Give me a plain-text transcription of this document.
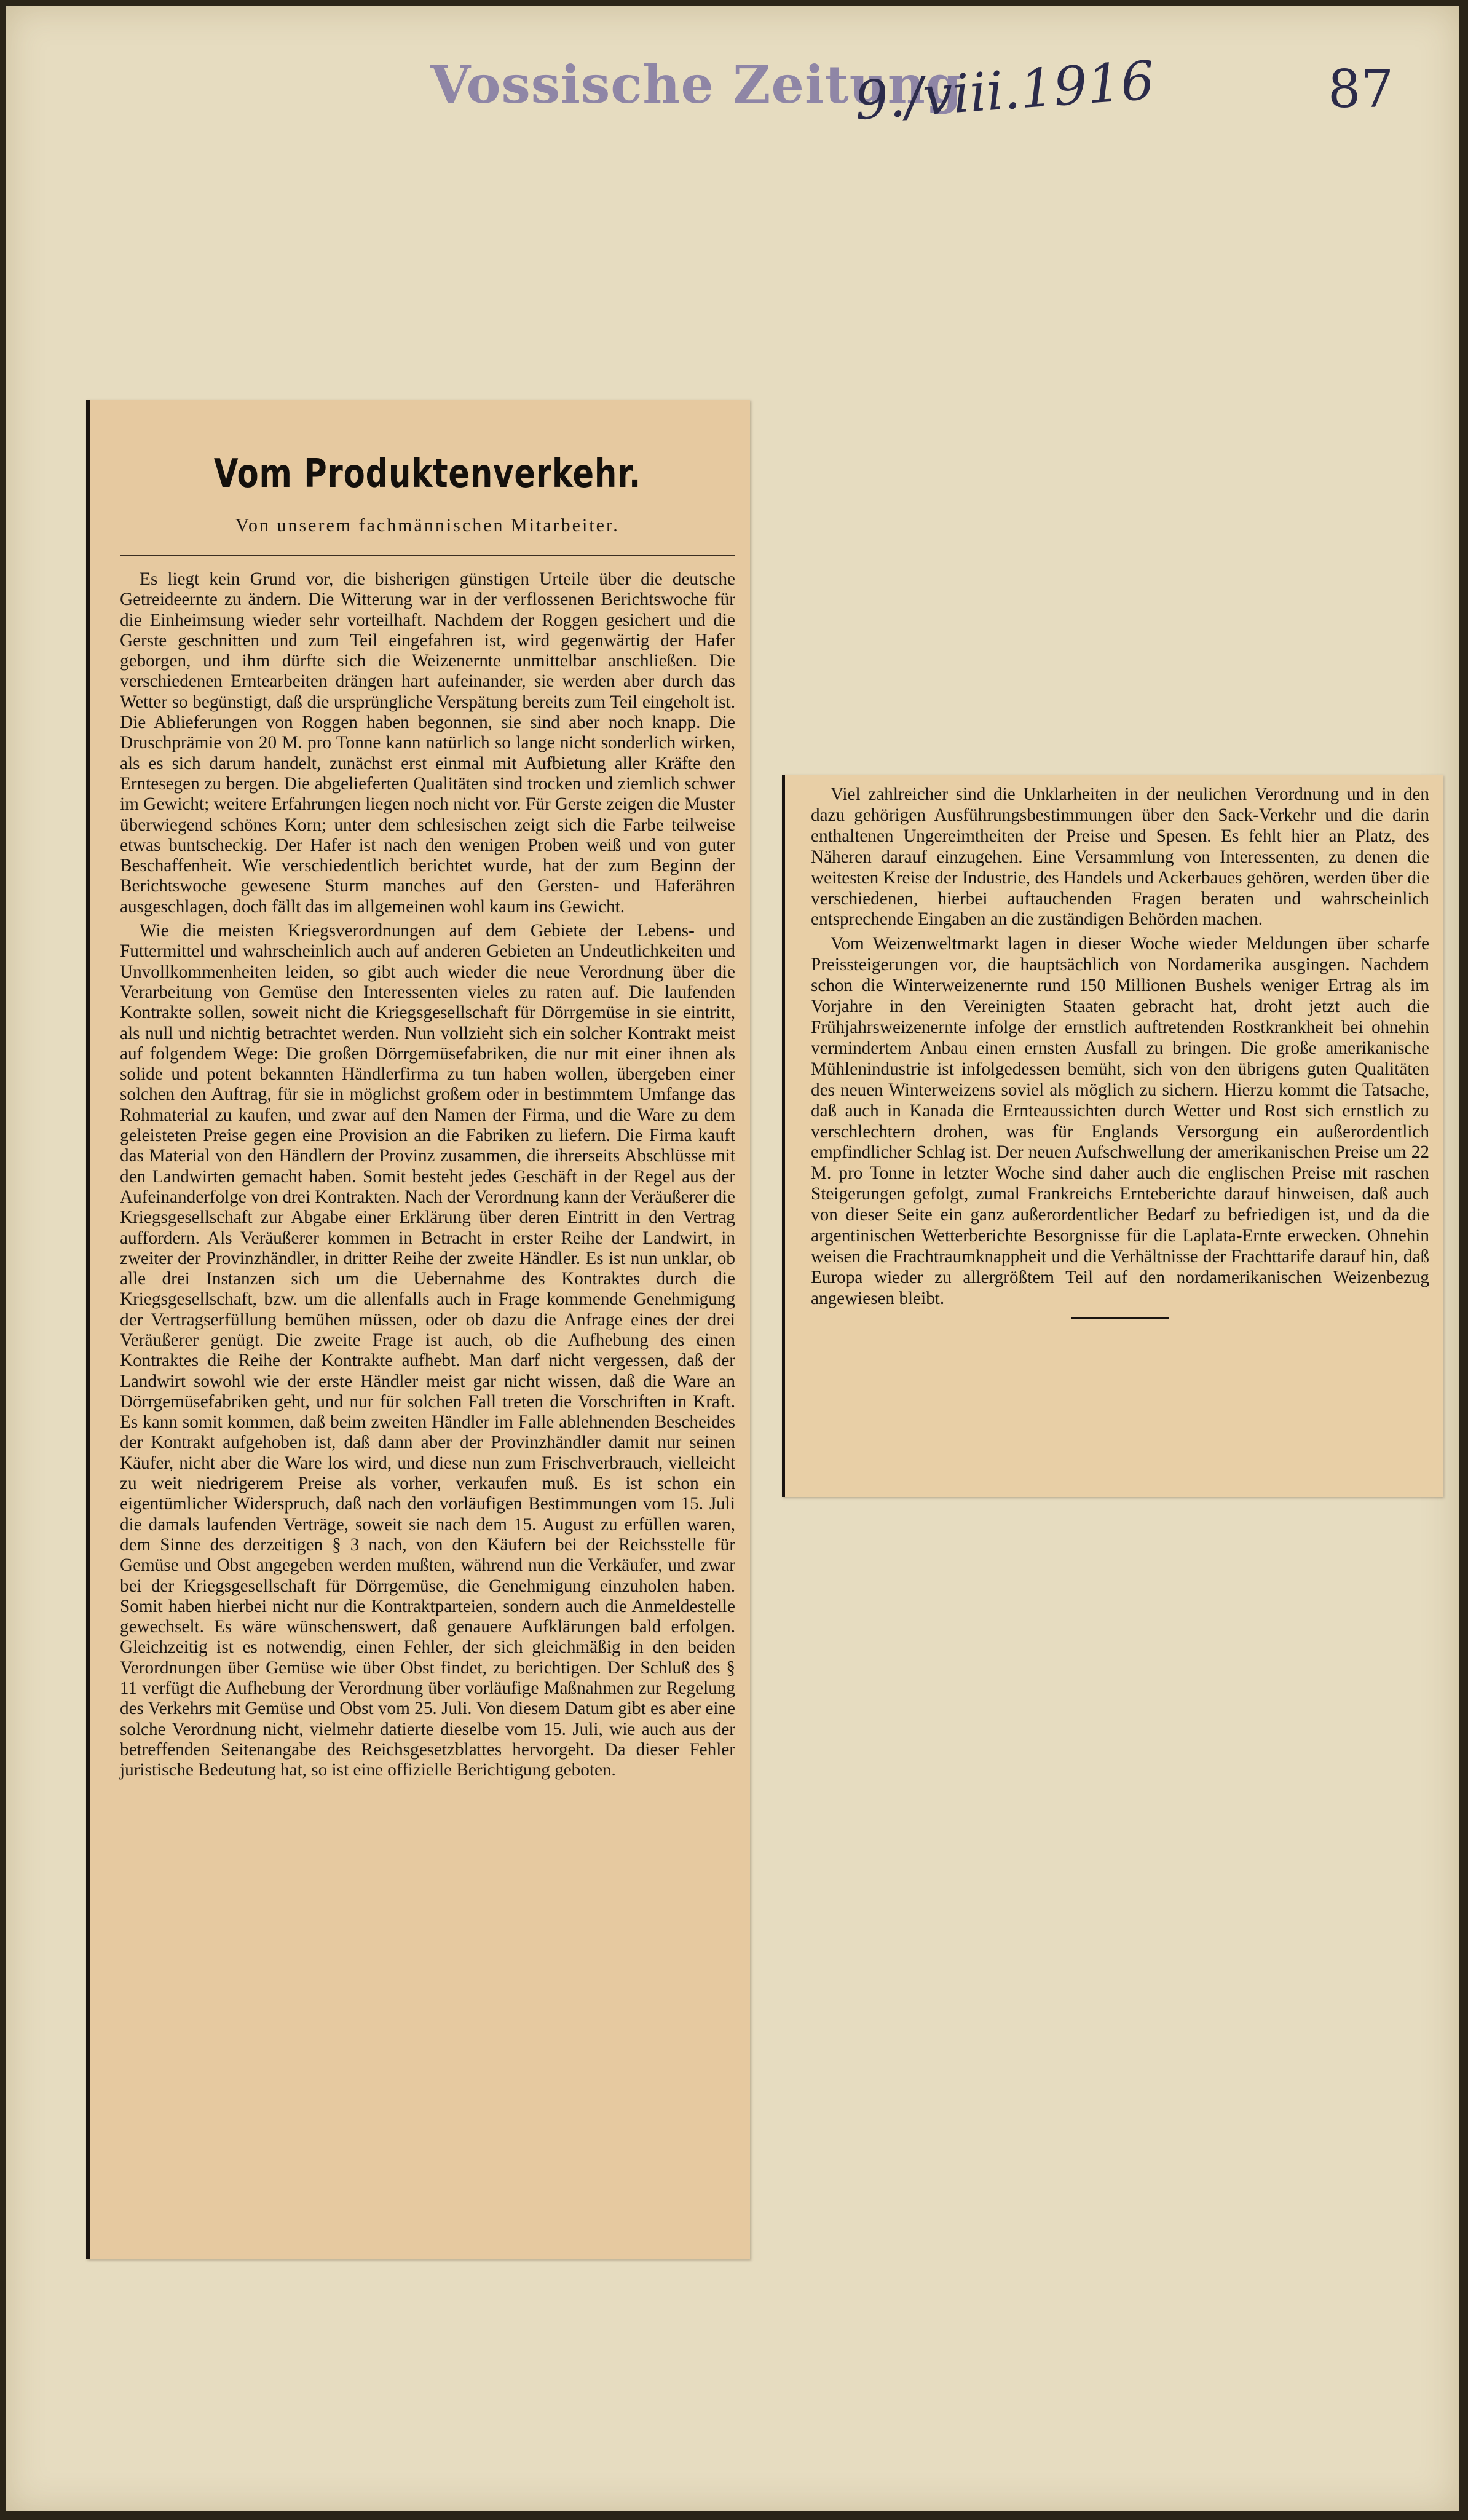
Vossische Zeitung
9./viii.1916	87
Vom Produktenverkehr.
Von unserem fachmännischen Mitarbeiter.

Es liegt kein Grund vor, die bisherigen günstigen Urteile über die deutsche Getreideernte zu ändern. Die Witterung war in der verflossenen Berichtswoche für die Einheimsung wieder sehr vorteilhaft. Nachdem der Roggen gesichert und die Gerste geschnitten und zum Teil eingefahren ist, wird gegenwärtig der Hafer geborgen, und ihm dürfte sich die Weizenernte unmittelbar anschließen. Die verschiedenen Erntearbeiten drängen hart aufeinander, sie werden aber durch das Wetter so begünstigt, daß die ursprüngliche Verspätung bereits zum Teil eingeholt ist. Die Ablieferungen von Roggen haben begonnen, sie sind aber noch knapp. Die Druschprämie von 20 M. pro Tonne kann natürlich so lange nicht sonderlich wirken, als es sich darum handelt, zunächst erst einmal mit Aufbietung aller Kräfte den Erntesegen zu bergen. Die abgelieferten Qualitäten sind trocken und ziemlich schwer im Gewicht; weitere Erfahrungen liegen noch nicht vor. Für Gerste zeigen die Muster überwiegend schönes Korn; unter dem schlesischen zeigt sich die Farbe teilweise etwas buntscheckig. Der Hafer ist nach den wenigen Proben weiß und von guter Beschaffenheit. Wie verschiedentlich berichtet wurde, hat der zum Beginn der Berichtswoche gewesene Sturm manches auf den Gersten- und Haferähren ausgeschlagen, doch fällt das im allgemeinen wohl kaum ins Gewicht.

Wie die meisten Kriegsverordnungen auf dem Gebiete der Lebens- und Futtermittel und wahrscheinlich auch auf anderen Gebieten an Undeutlichkeiten und Unvollkommenheiten leiden, so gibt auch wieder die neue Verordnung über die Verarbeitung von Gemüse den Interessenten vieles zu raten auf. Die laufenden Kontrakte sollen, soweit nicht die Kriegsgesellschaft für Dörrgemüse in sie eintritt, als null und nichtig betrachtet werden. Nun vollzieht sich ein solcher Kontrakt meist auf folgendem Wege: Die großen Dörrgemüsefabriken, die nur mit einer ihnen als solide und potent bekannten Händlerfirma zu tun haben wollen, übergeben einer solchen den Auftrag, für sie in möglichst großem oder in bestimmtem Umfange das Rohmaterial zu kaufen, und zwar auf den Namen der Firma, und die Ware zu dem geleisteten Preise gegen eine Provision an die Fabriken zu liefern. Die Firma kauft das Material von den Händlern der Provinz zusammen, die ihrerseits Abschlüsse mit den Landwirten gemacht haben. Somit besteht jedes Geschäft in der Regel aus der Aufeinanderfolge von drei Kontrakten. Nach der Verordnung kann der Veräußerer die Kriegsgesellschaft zur Abgabe einer Erklärung über deren Eintritt in den Vertrag auffordern. Als Veräußerer kommen in Betracht in erster Reihe der Landwirt, in zweiter der Provinzhändler, in dritter Reihe der zweite Händler. Es ist nun unklar, ob alle drei Instanzen sich um die Uebernahme des Kontraktes durch die Kriegsgesellschaft, bzw. um die allenfalls auch in Frage kommende Genehmigung der Vertragserfüllung bemühen müssen, oder ob dazu die Anfrage eines der drei Veräußerer genügt. Die zweite Frage ist auch, ob die Aufhebung des einen Kontraktes die Reihe der Kontrakte aufhebt. Man darf nicht vergessen, daß der Landwirt sowohl wie der erste Händler meist gar nicht wissen, daß die Ware an Dörrgemüsefabriken geht, und nur für solchen Fall treten die Vorschriften in Kraft. Es kann somit kommen, daß beim zweiten Händler im Falle ablehnenden Bescheides der Kontrakt aufgehoben ist, daß dann aber der Provinzhändler damit nur seinen Käufer, nicht aber die Ware los wird, und diese nun zum Frischverbrauch, vielleicht zu weit niedrigerem Preise als vorher, verkaufen muß. Es ist schon ein eigentümlicher Widerspruch, daß nach den vorläufigen Bestimmungen vom 15. Juli die damals laufenden Verträge, soweit sie nach dem 15. August zu erfüllen waren, dem Sinne des derzeitigen § 3 nach, von den Käufern bei der Reichsstelle für Gemüse und Obst angegeben werden mußten, während nun die Verkäufer, und zwar bei der Kriegsgesellschaft für Dörrgemüse, die Genehmigung einzuholen haben. Somit haben hierbei nicht nur die Kontraktparteien, sondern auch die Anmeldestelle gewechselt. Es wäre wünschenswert, daß genauere Aufklärungen bald erfolgen. Gleichzeitig ist es notwendig, einen Fehler, der sich gleichmäßig in den beiden Verordnungen über Gemüse wie über Obst findet, zu berichtigen. Der Schluß des § 11 verfügt die Aufhebung der Verordnung über vorläufige Maßnahmen zur Regelung des Verkehrs mit Gemüse und Obst vom 25. Juli. Von diesem Datum gibt es aber eine solche Verordnung nicht, vielmehr datierte dieselbe vom 15. Juli, wie auch aus der betreffenden Seitenangabe des Reichsgesetzblattes hervorgeht. Da dieser Fehler juristische Bedeutung hat, so ist eine offizielle Berichtigung geboten.

Viel zahlreicher sind die Unklarheiten in der neulichen Verordnung und in den dazu gehörigen Ausführungsbestimmungen über den Sack-Verkehr und die darin enthaltenen Ungereimtheiten der Preise und Spesen. Es fehlt hier an Platz, des Näheren darauf einzugehen. Eine Versammlung von Interessenten, zu denen die weitesten Kreise der Industrie, des Handels und Ackerbaues gehören, werden über die verschiedenen, hierbei auftauchenden Fragen beraten und wahrscheinlich entsprechende Eingaben an die zuständigen Behörden machen.

Vom Weizenweltmarkt lagen in dieser Woche wieder Meldungen über scharfe Preissteigerungen vor, die hauptsächlich von Nordamerika ausgingen. Nachdem schon die Winterweizenernte rund 150 Millionen Bushels weniger Ertrag als im Vorjahre in den Vereinigten Staaten gebracht hat, droht jetzt auch die Frühjahrsweizenernte infolge der ernstlich auftretenden Rostkrankheit bei ohnehin vermindertem Anbau einen ernsten Ausfall zu bringen. Die große amerikanische Mühlenindustrie ist infolgedessen bemüht, sich von den übrigens guten Qualitäten des neuen Winterweizens soviel als möglich zu sichern. Hierzu kommt die Tatsache, daß auch in Kanada die Ernteaussichten durch Wetter und Rost sich ernstlich zu verschlechtern drohen, was für Englands Versorgung ein außerordentlich empfindlicher Schlag ist. Der neuen Aufschwellung der amerikanischen Preise um 22 M. pro Tonne in letzter Woche sind daher auch die englischen Preise mit raschen Steigerungen gefolgt, zumal Frankreichs Ernteberichte darauf hinweisen, daß auch von dieser Seite ein ganz außerordentlicher Bedarf zu befriedigen ist, und da die argentinischen Wetterberichte Besorgnisse für die Laplata-Ernte erwecken. Ohnehin weisen die Frachtraumknappheit und die Verhältnisse der Frachttarife darauf hin, daß Europa wieder zu allergrößtem Teil auf den nordamerikanischen Weizenbezug angewiesen bleibt.
